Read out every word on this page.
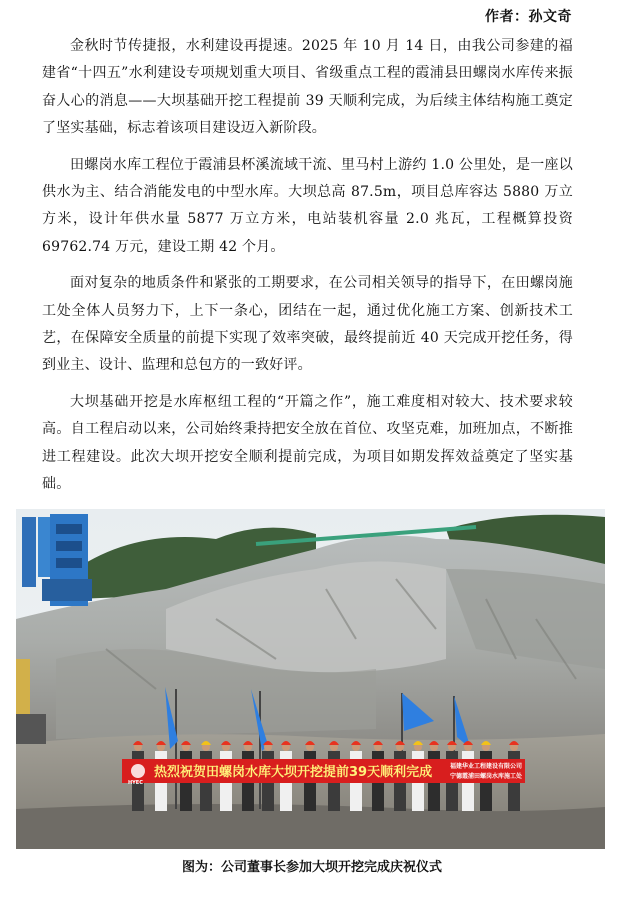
作者：孙文奇

金秋时节传捷报，水利建设再提速。2025 年 10 月 14 日，由我公司参建的福建省“十四五”水利建设专项规划重大项目、省级重点工程的霞浦县田螺岗水库传来振奋人心的消息——大坝基础开挖工程提前 39 天顺利完成，为后续主体结构施工奠定了坚实基础，标志着该项目建设迈入新阶段。

田螺岗水库工程位于霞浦县杯溪流域干流、里马村上游约 1.0 公里处，是一座以供水为主、结合消能发电的中型水库。大坝总高 87.5m，项目总库容达 5880 万立方米，设计年供水量 5877 万立方米，电站装机容量 2.0 兆瓦，工程概算投资 69762.74 万元，建设工期 42 个月。

面对复杂的地质条件和紧张的工期要求，在公司相关领导的指导下，在田螺岗施工处全体人员努力下，上下一条心，团结在一起，通过优化施工方案、创新技术工艺，在保障安全质量的前提下实现了效率突破，最终提前近 40 天完成开挖任务，得到业主、设计、监理和总包方的一致好评。

大坝基础开挖是水库枢纽工程的“开篇之作”，施工难度相对较大、技术要求较高。自工程启动以来，公司始终秉持把安全放在首位、攻坚克难，加班加点，不断推进工程建设。此次大坝开挖安全顺利提前完成，为项目如期发挥效益奠定了坚实基础。

HYEC
热烈祝贺田螺岗水库大坝开挖提前39天顺利完成	福建华业工程建设有限公司
宁德霞浦田螺岗水库施工处
图为：公司董事长参加大坝开挖完成庆祝仪式
